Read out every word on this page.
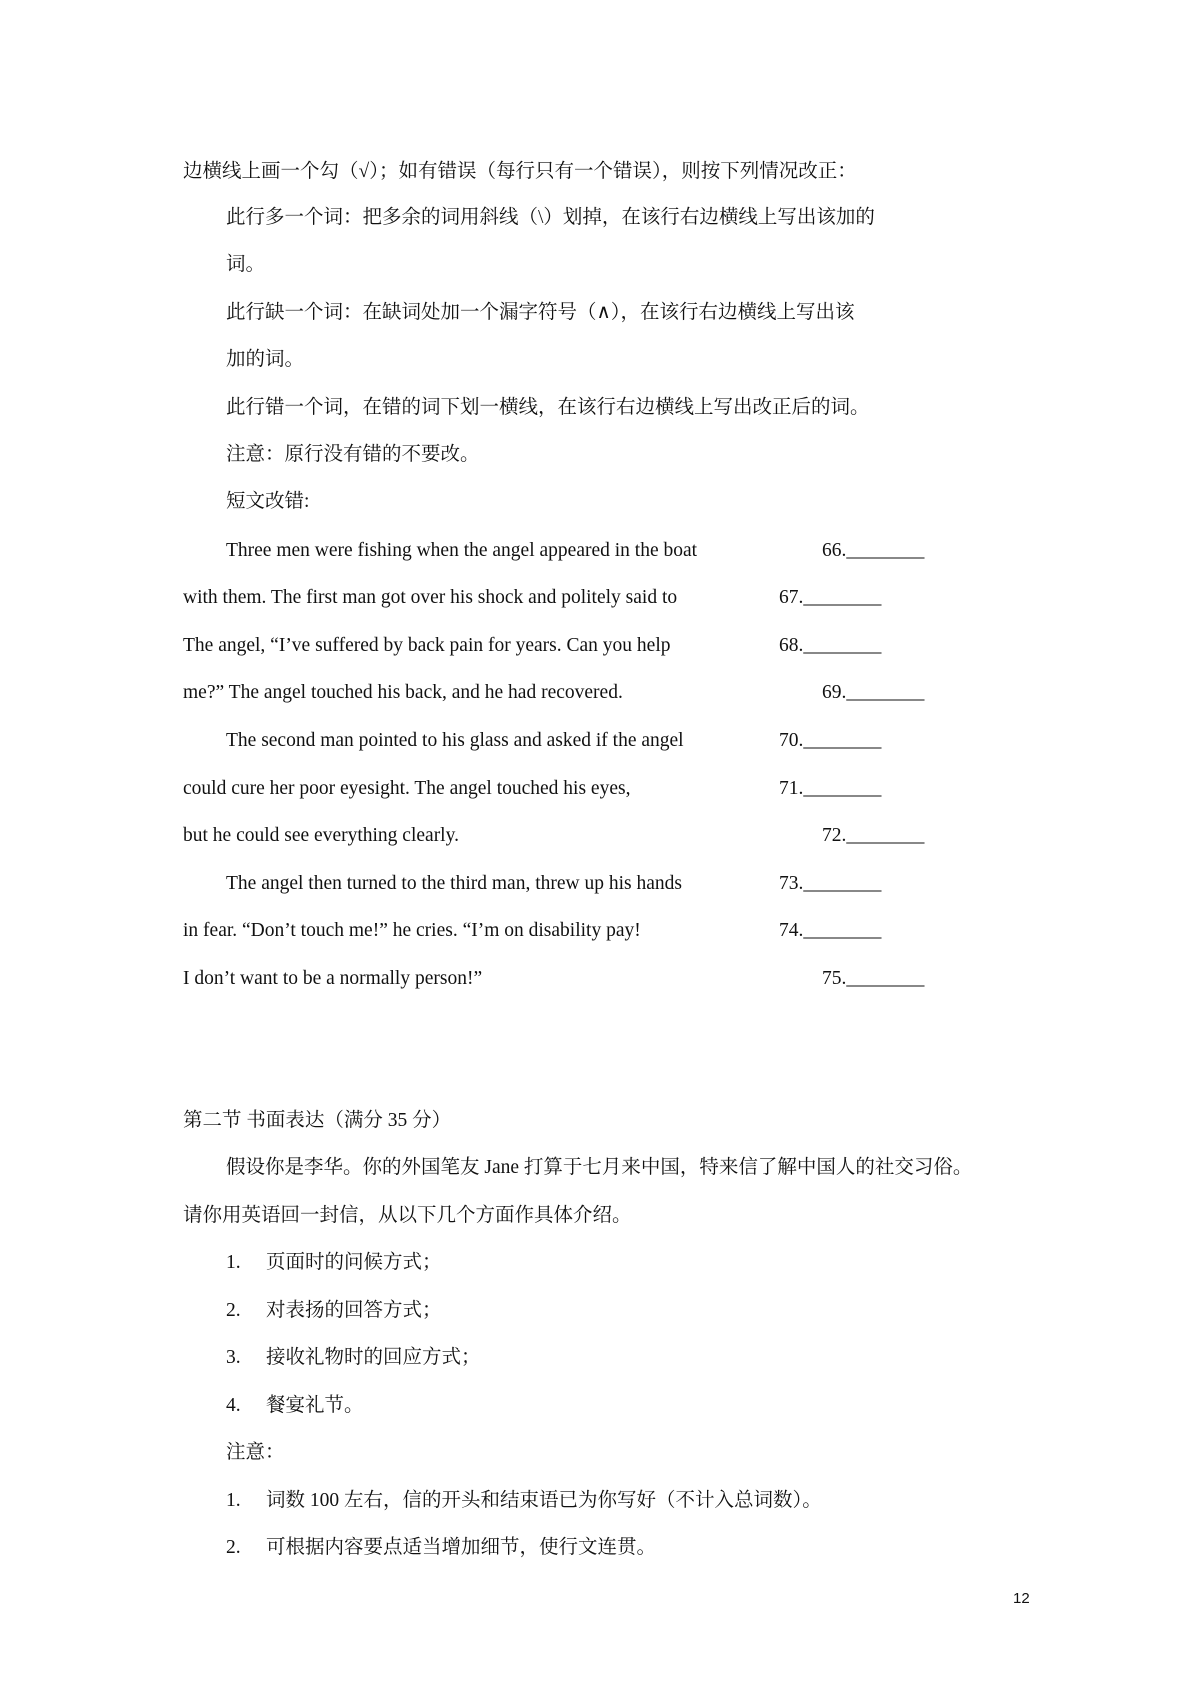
边横线上画一个勾（√）；如有错误（每行只有一个错误），则按下列情况改正：
此行多一个词：把多余的词用斜线（\）划掉，在该行右边横线上写出该加的
词。
此行缺一个词：在缺词处加一个漏字符号（∧），在该行右边横线上写出该
加的词。
此行错一个词，在错的词下划一横线，在该行右边横线上写出改正后的词。
注意：原行没有错的不要改。
短文改错:
Three men were fishing when the angel appeared in the boat	66.________
with them. The first man got over his shock and politely said to	67.________
The angel, “I’ve suffered by back pain for years. Can you help	68.________
me?” The angel touched his back, and he had recovered.	69.________
The second man pointed to his glass and asked if the angel	70.________
could cure her poor eyesight. The angel touched his eyes,	71.________
but he could see everything clearly.	72.________
The angel then turned to the third man, threw up his hands	73.________
in fear. “Don’t touch me!” he cries. “I’m on disability pay!	74.________
I don’t want to be a normally person!”	75.________
第二节 书面表达（满分 35 分）
假设你是李华。你的外国笔友 Jane 打算于七月来中国，特来信了解中国人的社交习俗。
请你用英语回一封信，从以下几个方面作具体介绍。
1. 页面时的问候方式；
2. 对表扬的回答方式；
3. 接收礼物时的回应方式；
4. 餐宴礼节。
注意：
1. 词数 100 左右，信的开头和结束语已为你写好（不计入总词数）。
2. 可根据内容要点适当增加细节，使行文连贯。
12
